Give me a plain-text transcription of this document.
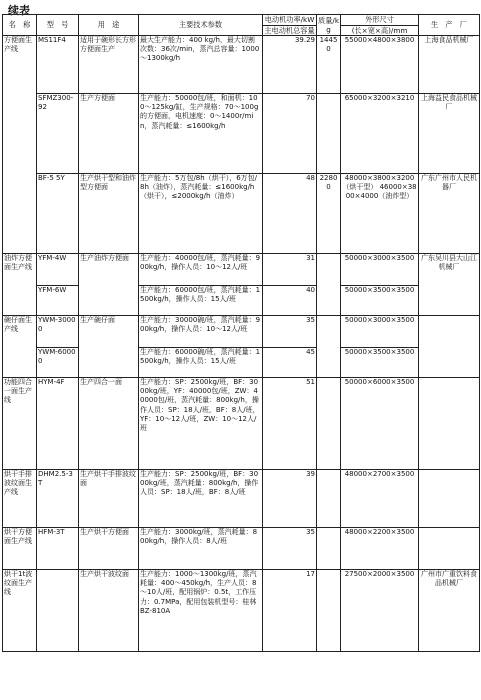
续表
名　称	型　号	用　途	主要技术参数	电动机功率/kW	质量/kg	外形尺寸	生　产　厂
				主电动机总容量		(长×宽×高)/mm	
方便面生产线	MS11F4	适用于碗形长方形方便面生产	最大生产能力：400 kg/h，最大切割次数：36次/min，蒸汽总容量：1000～1300kg/h	39.29	14450	55000×4800×3800	上海食品机械厂
	SFMZ300-92	生产方便面	生产能力：50000包/班，和面机：100～125kg/缸，生产规格：70～100g的方便面，电机速度：0～1400r/min，蒸汽耗量：≤1600kg/h	70		65000×3200×3210	上海益民食品机械厂
	BF-5 5Y	生产烘干型和油炸型方便面	生产能力：5万包/8h（烘干），6万包/8h（油炸），蒸汽耗量：≤1600kg/h（烘干），≤2000kg/h（油炸）	48	22800	48000×3800×3200（烘干型） 46000×3800×4000（油炸型）	广东广州市人民机器厂
油炸方便面生产线	YFM-4W	生产油炸方便面	生产能力：40000包/班，蒸汽耗量：900kg/h，操作人员：10～12人/班	31		50000×3000×3500	广东吴川县大山江机械厂
	YFM-6W		生产能力：60000包/班，蒸汽耗量：1500kg/h，操作人员：15人/班	40		50000×3500×3500	
碗仔面生产线	YWM-30000	生产碗仔面	生产能力：30000碗/班，蒸汽耗量：900kg/h，操作人员：10～12人/班	35		50000×3000×3500	
	YWM-60000		生产能力：60000碗/班，蒸汽耗量：1500kg/h，操作人员：15人/班	45		50000×3500×3500	
功能四合一面生产线	HYM-4F	生产四合一面	生产能力：SP：2500kg/班，BF：3000kg/班，YF：40000包/班，ZW：40000包/班，蒸汽耗量：800kg/h，操作人员：SP：18人/班，BF：8人/班，YF：10～12人/班，ZW：10～12人/班	51		50000×6000×3500	
烘干手排波纹面生产线	DHM2.5-3T	生产烘干手排波纹面	生产能力：SP：2500kg/班，BF：3000kg/班，蒸汽耗量：800kg/h，操作人员：SP：18人/班，BF：8人/班	39		48000×2700×3500	
烘干方便面生产线	HFM-3T	生产烘干方便面	生产能力：3000kg/班，蒸汽耗量：800kg/h，操作人员：8人/班	35		48000×2200×3500	
烘干1t波纹面生产线		生产烘干波纹面	生产能力：1000～1300kg/班，蒸汽耗量：400～450kg/h，生产人员：8～10人/班，配用锅炉：0.5t，工作压力：0.7MPa，配用包装机型号：桂林BZ-810A	17		27500×2000×3500	广州市广重饮料食品机械厂
